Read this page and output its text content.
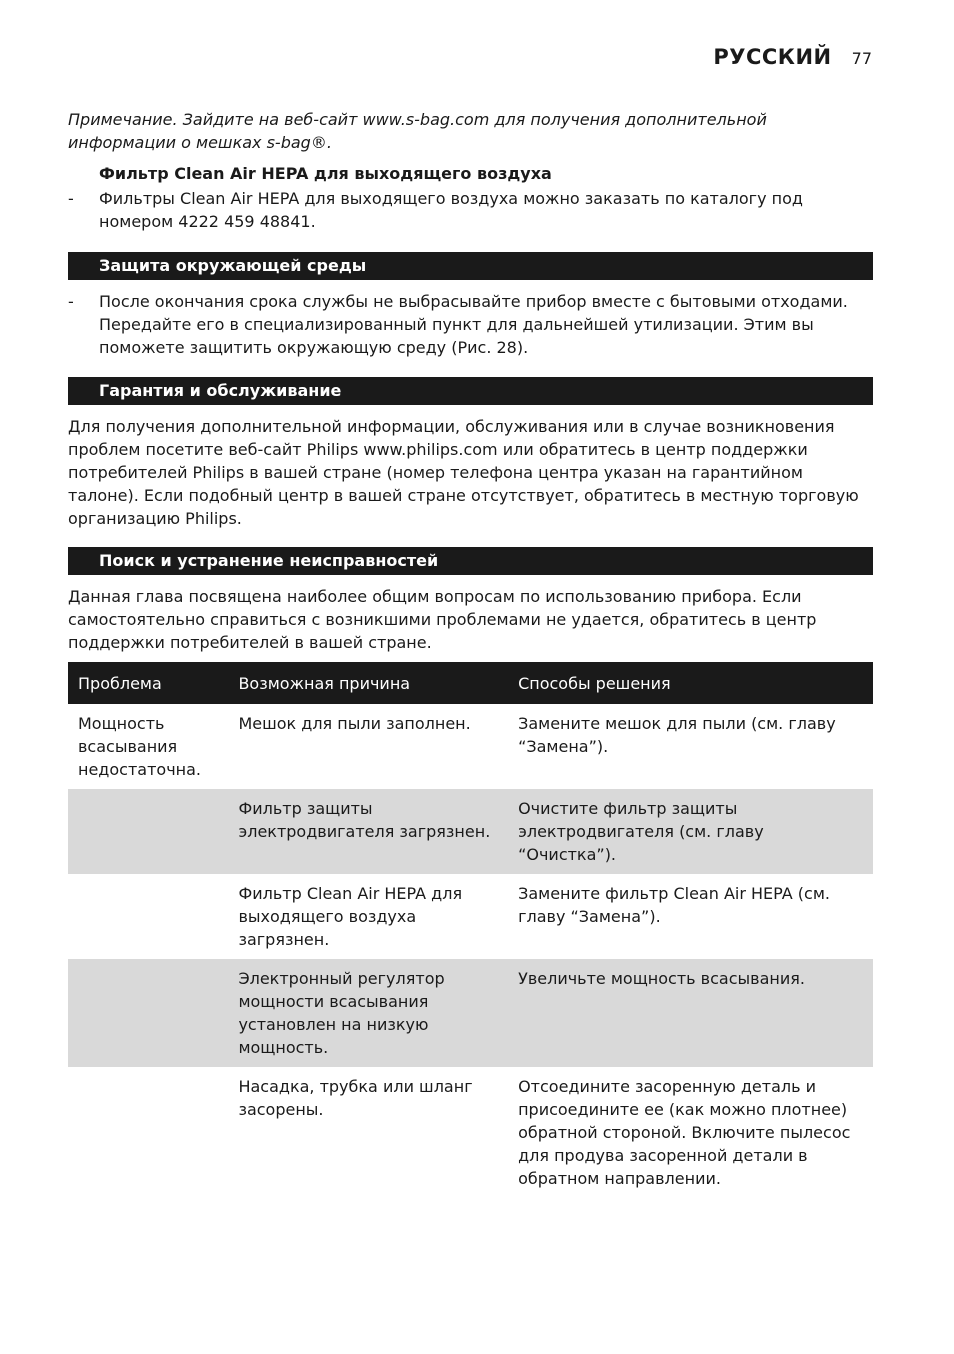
РУССКИЙ 77
Примечание. Зайдите на веб-сайт www.s-bag.com для получения дополнительной информации о мешках s-bag®.
Фильтр Clean Air HEPA для выходящего воздуха
- Фильтры Clean Air HEPA для выходящего воздуха можно заказать по каталогу под номером 4222 459 48841.
Защита окружающей среды
- После окончания срока службы не выбрасывайте прибор вместе с бытовыми отходами. Передайте его в специализированный пункт для дальнейшей утилизации. Этим вы поможете защитить окружающую среду (Рис. 28).
Гарантия и обслуживание
Для получения дополнительной информации, обслуживания или в случае возникновения проблем посетите веб-сайт Philips www.philips.com или обратитесь в центр поддержки потребителей Philips в вашей стране (номер телефона центра указан на гарантийном талоне). Если подобный центр в вашей стране отсутствует, обратитесь в местную торговую организацию Philips.
Поиск и устранение неисправностей
Данная глава посвящена наиболее общим вопросам по использованию прибора. Если самостоятельно справиться с возникшими проблемами не удается, обратитесь в центр поддержки потребителей в вашей стране.
Проблема	Возможная причина	Способы решения
Мощность всасывания недостаточна.	Мешок для пыли заполнен.	Замените мешок для пыли (см. главу “Замена”).
	Фильтр защиты электродвигателя загрязнен.	Очистите фильтр защиты электродвигателя (см. главу “Очистка”).
	Фильтр Clean Air HEPA для выходящего воздуха загрязнен.	Замените фильтр Clean Air HEPA (см. главу “Замена”).
	Электронный регулятор мощности всасывания установлен на низкую мощность.	Увеличьте мощность всасывания.
	Насадка, трубка или шланг засорены.	Отсоедините засоренную деталь и присоедините ее (как можно плотнее) обратной стороной. Включите пылесос для продува засоренной детали в обратном направлении.
